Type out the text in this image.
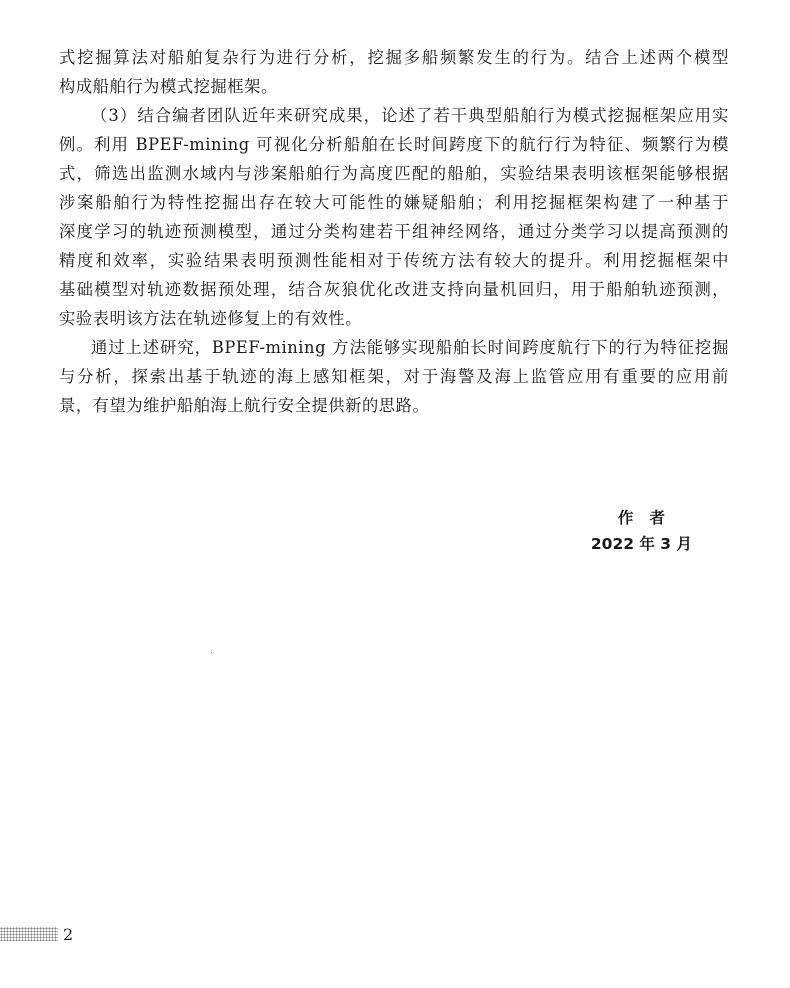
式挖掘算法对船舶复杂行为进行分析，挖掘多船频繁发生的行为。结合上述两个模型
构成船舶行为模式挖掘框架。
（3）结合编者团队近年来研究成果，论述了若干典型船舶行为模式挖掘框架应用实
例。利用 BPEF-mining 可视化分析船舶在长时间跨度下的航行行为特征、频繁行为模
式，筛选出监测水域内与涉案船舶行为高度匹配的船舶，实验结果表明该框架能够根据
涉案船舶行为特性挖掘出存在较大可能性的嫌疑船舶；利用挖掘框架构建了一种基于
深度学习的轨迹预测模型，通过分类构建若干组神经网络，通过分类学习以提高预测的
精度和效率，实验结果表明预测性能相对于传统方法有较大的提升。利用挖掘框架中
基础模型对轨迹数据预处理，结合灰狼优化改进支持向量机回归，用于船舶轨迹预测，
实验表明该方法在轨迹修复上的有效性。
通过上述研究，BPEF-mining 方法能够实现船舶长时间跨度航行下的行为特征挖掘
与分析，探索出基于轨迹的海上感知框架，对于海警及海上监管应用有重要的应用前
景，有望为维护船舶海上航行安全提供新的思路。
作者
2022 年 3 月
2
